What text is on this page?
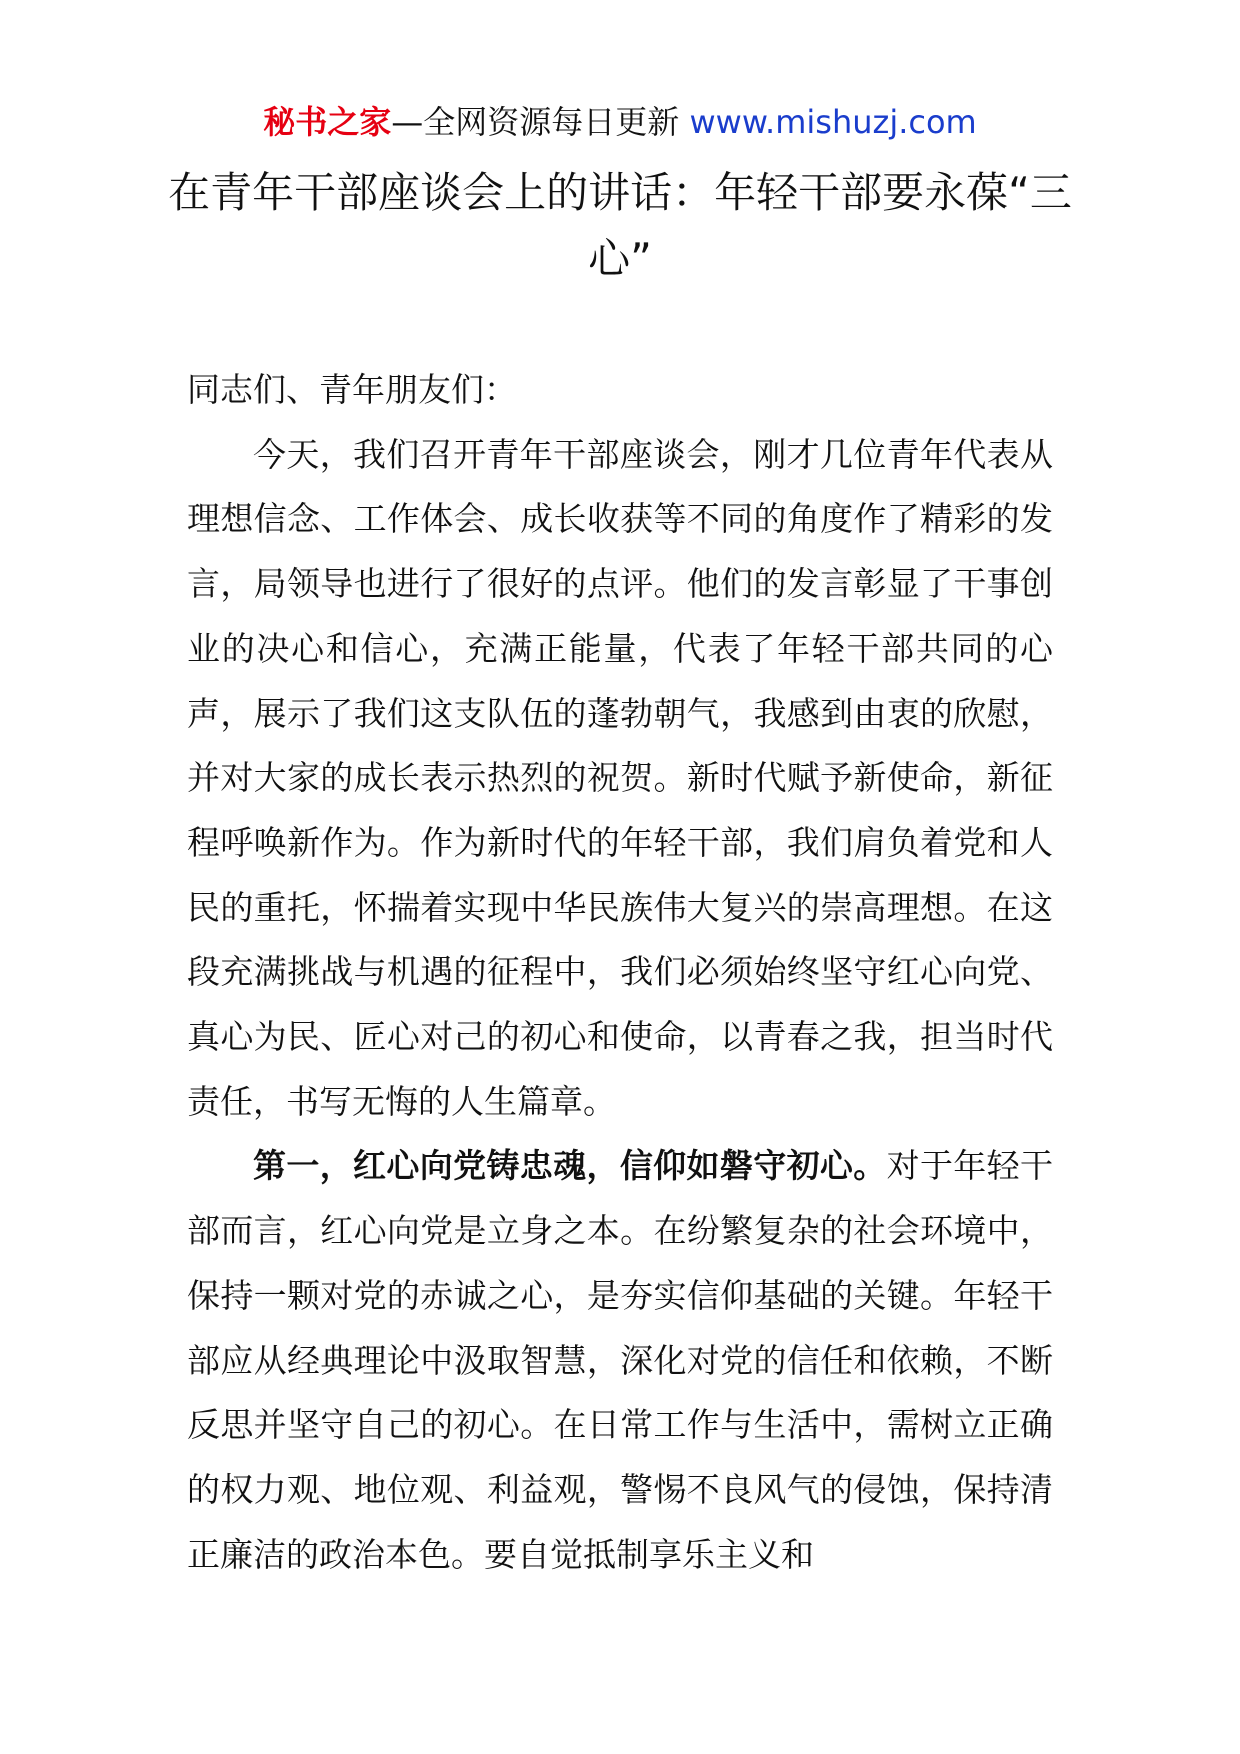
秘书之家—全网资源每日更新 www.mishuzj.com
在青年干部座谈会上的讲话：年轻干部要永葆“三心”

同志们、青年朋友们：

今天，我们召开青年干部座谈会，刚才几位青年代表从理想信念、工作体会、成长收获等不同的角度作了精彩的发言，局领导也进行了很好的点评。他们的发言彰显了干事创业的决心和信心，充满正能量，代表了年轻干部共同的心声，展示了我们这支队伍的蓬勃朝气，我感到由衷的欣慰，并对大家的成长表示热烈的祝贺。新时代赋予新使命，新征程呼唤新作为。作为新时代的年轻干部，我们肩负着党和人民的重托，怀揣着实现中华民族伟大复兴的崇高理想。在这段充满挑战与机遇的征程中，我们必须始终坚守红心向党、真心为民、匠心对己的初心和使命，以青春之我，担当时代责任，书写无悔的人生篇章。

第一，红心向党铸忠魂，信仰如磐守初心。对于年轻干部而言，红心向党是立身之本。在纷繁复杂的社会环境中，保持一颗对党的赤诚之心，是夯实信仰基础的关键。年轻干部应从经典理论中汲取智慧，深化对党的信任和依赖，不断反思并坚守自己的初心。在日常工作与生活中，需树立正确的权力观、地位观、利益观，警惕不良风气的侵蚀，保持清正廉洁的政治本色。要自觉抵制享乐主义和
